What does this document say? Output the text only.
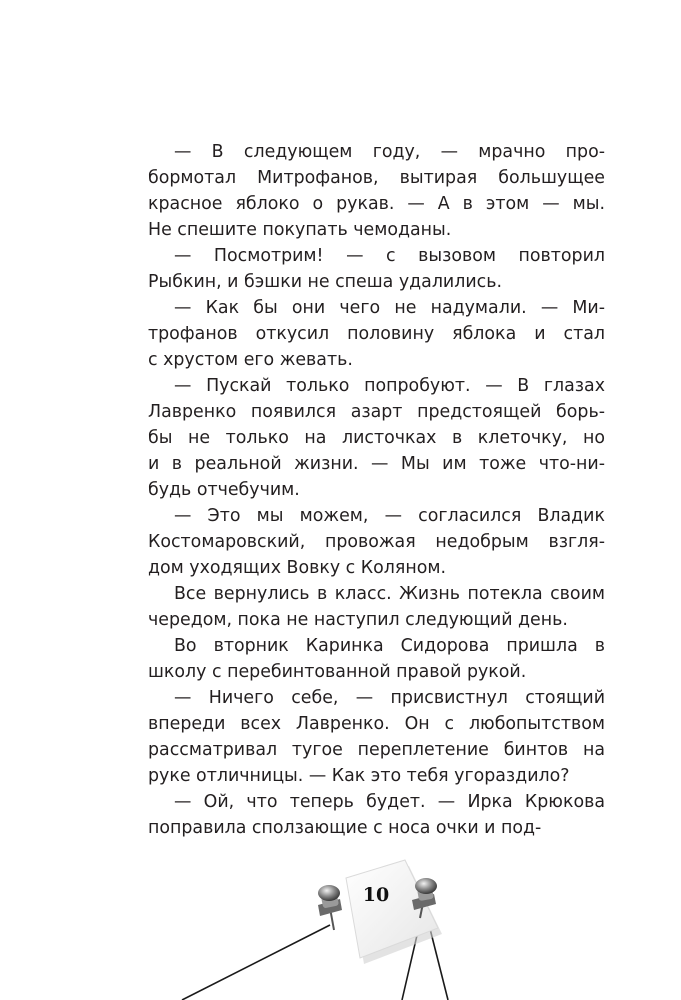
— В следующем году, — мрачно про-
бормотал Митрофанов, вытирая большущее
красное яблоко о рукав. — А в этом — мы.
Не спешите покупать чемоданы.
— Посмотрим! — с вызовом повторил
Рыбкин, и бэшки не спеша удалились.
— Как бы они чего не надумали. — Ми-
трофанов откусил половину яблока и стал
с хрустом его жевать.
— Пускай только попробуют. — В глазах
Лавренко появился азарт предстоящей борь-
бы не только на листочках в клеточку, но
и в реальной жизни. — Мы им тоже что-ни-
будь отчебучим.
— Это мы можем, — согласился Владик
Костомаровский, провожая недобрым взгля-
дом уходящих Вовку с Коляном.
Все вернулись в класс. Жизнь потекла своим
чередом, пока не наступил следующий день.
Во вторник Каринка Сидорова пришла в
школу с перебинтованной правой рукой.
— Ничего себе, — присвистнул стоящий
впереди всех Лавренко. Он с любопытством
рассматривал тугое переплетение бинтов на
руке отличницы. — Как это тебя угораздило?
— Ой, что теперь будет. — Ирка Крюкова
поправила сползающие с носа очки и под-
10
